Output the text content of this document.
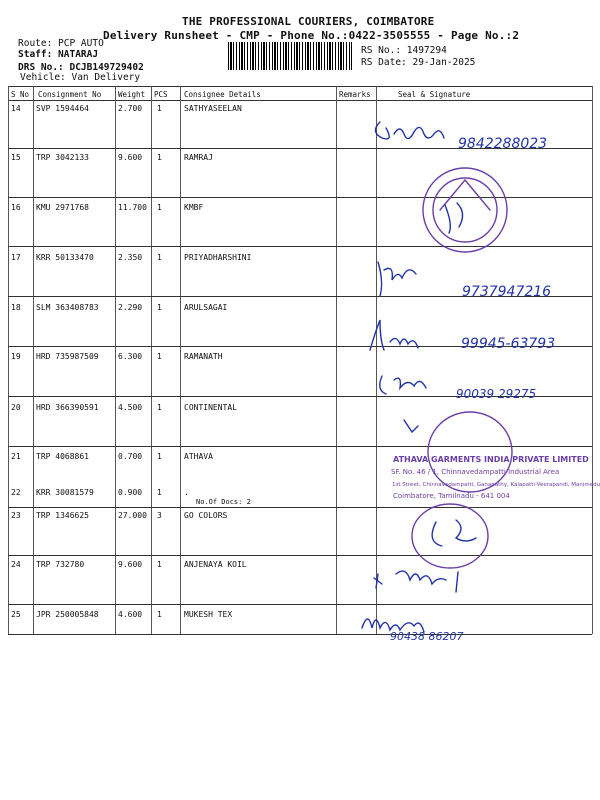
THE PROFESSIONAL COURIERS, COIMBATORE
Delivery Runsheet - CMP - Phone No.:0422-3505555 - Page No.:2
Route: PCP AUTO
Staff: NATARAJ
DRS No.: DCJB149729402
Vehicle: Van Delivery
RS No.: 1497294
RS Date: 29-Jan-2025
S No Consignment No Weight PCS Consignee Details	Remarks	Seal & Signature
14 SVP 1594464	2.700 1	SATHYASEELAN
15 TRP 3042133	9.600 1	RAMRAJ
16 KMU 2971768	11.700 1	KMBF
17 KRR 50133470	2.350 1	PRIYADHARSHINI
18 SLM 363408783 2.290 1	ARULSAGAI
19 HRD 735987509 6.300 1	RAMANATH
20 HRD 366390591 4.500 1	CONTINENTAL
21 TRP 4068861	0.700 1	ATHAVA
22 KRR 30081579	0.900 1	.
No.Of Docs: 2
23 TRP 1346625	27.000 3	GO COLORS
24 TRP 732780	9.600 1	ANJENAYA KOIL
25 JPR 250005848 4.600 1	MUKESH TEX
9842288023
9737947216
99945-63793
90039 29275
90438 86207
ATHAVA GARMENTS INDIA PRIVATE LIMITED
SF. No. 46 / 1, Chinnavedampatti Industrial Area
1st Street, Chinnavedampatti, Ganapathy, Kalapatti-Veerapandi, Manimedu
Coimbatore, Tamilnadu - 641 004
